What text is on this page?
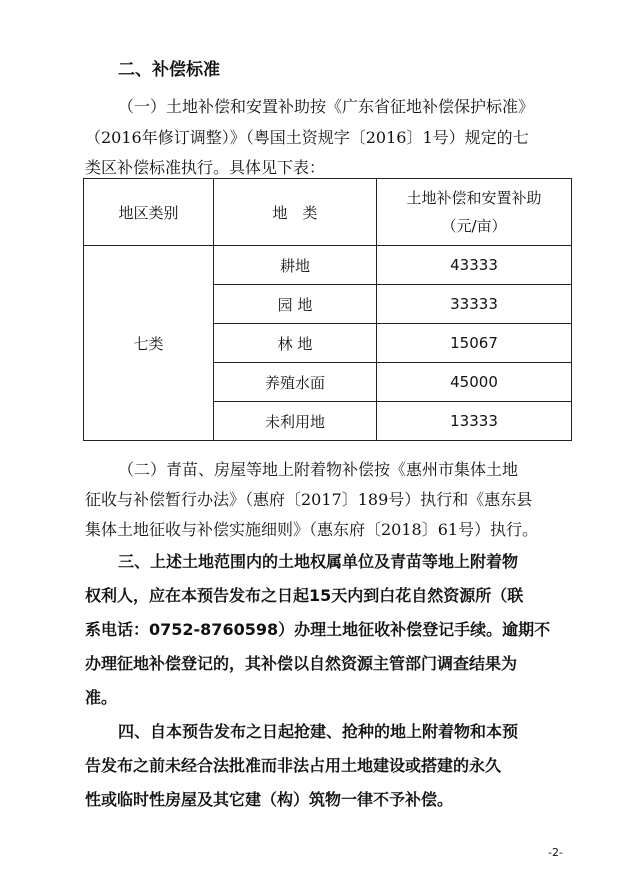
二、补偿标准
（一）土地补偿和安置补助按《广东省征地补偿保护标准》
（2016年修订调整）》（粤国土资规字〔2016〕1号）规定的七
类区补偿标准执行。具体见下表：
地区类别	地　类	土地补偿和安置补助
（元/亩）

七类	耕地	43333
	园 地	33333
	林 地	15067
	养殖水面	45000
	未利用地	13333
（二）青苗、房屋等地上附着物补偿按《惠州市集体土地
征收与补偿暂行办法》（惠府〔2017〕189号）执行和《惠东县
集体土地征收与补偿实施细则》（惠东府〔2018〕61号）执行。
三、上述土地范围内的土地权属单位及青苗等地上附着物
权利人，应在本预告发布之日起15天内到白花自然资源所（联
系电话：0752-8760598）办理土地征收补偿登记手续。逾期不
办理征地补偿登记的，其补偿以自然资源主管部门调查结果为
准。
四、自本预告发布之日起抢建、抢种的地上附着物和本预
告发布之前未经合法批准而非法占用土地建设或搭建的永久
性或临时性房屋及其它建（构）筑物一律不予补偿。
-2-
